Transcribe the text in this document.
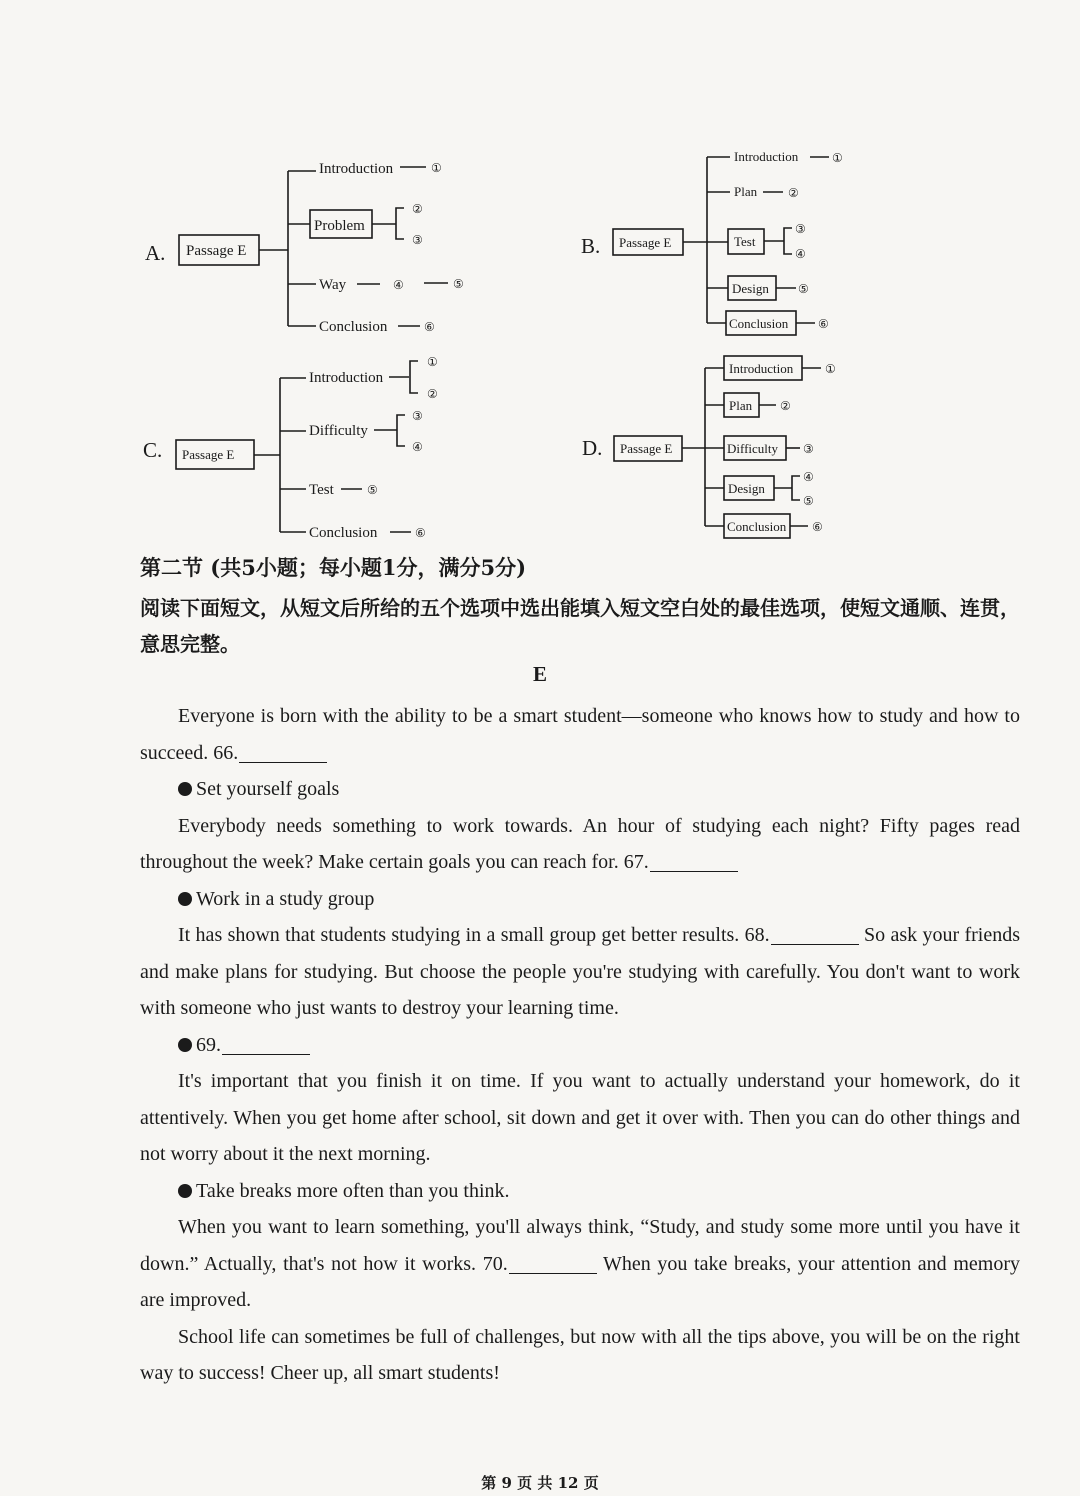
A. Passage E
Introduction	①
Problem
②
③
Way	④	⑤
Conclusion	⑥
B. Passage E
Introduction	①
Plan	②
Test
③
④
Design ⑤
Conclusion ⑥
C. Passage E
Introduction
①
②
Difficulty
③
④
Test	⑤
Conclusion	⑥
D. Passage E
Introduction	①
Plan ②
Difficulty ③
Design
④
⑤
Conclusion ⑥
第二节 (共5小题；每小题1分，满分5分)
阅读下面短文，从短文后所给的五个选项中选出能填入短文空白处的最佳选项，使短文通顺、连贯，意思完整。
E

Everyone is born with the ability to be a smart student—someone who knows how to study and how to succeed. 66.

Set yourself goals

Everybody needs something to work towards. An hour of studying each night? Fifty pages read throughout the week? Make certain goals you can reach for. 67.

Work in a study group

It has shown that students studying in a small group get better results. 68.	So ask your friends and make plans for studying. But choose the people you're studying with carefully. You don't want to work with someone who just wants to destroy your learning time.

69.

It's important that you finish it on time. If you want to actually understand your homework, do it attentively. When you get home after school, sit down and get it over with. Then you can do other things and not worry about it the next morning.

Take breaks more often than you think.

When you want to learn something, you'll always think, “Study, and study some more until you have it down.” Actually, that's not how it works. 70.	When you take breaks, your attention and memory are improved.

School life can sometimes be full of challenges, but now with all the tips above, you will be on the right way to success! Cheer up, all smart students!

第 9 页 共 12 页
